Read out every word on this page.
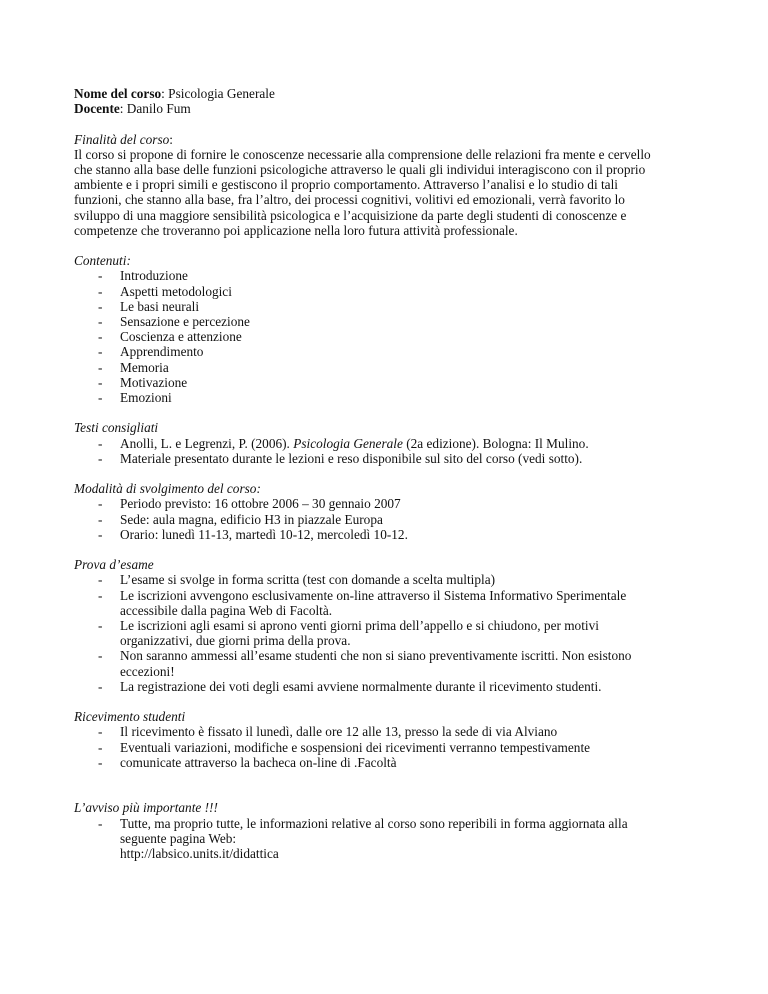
Nome del corso: Psicologia Generale
Docente: Danilo Fum
Finalità del corso:
Il corso si propone di fornire le conoscenze necessarie alla comprensione delle relazioni fra mente e cervello
che stanno alla base delle funzioni psicologiche attraverso le quali gli individui interagiscono con il proprio
ambiente e i propri simili e gestiscono il proprio comportamento. Attraverso l’analisi e lo studio di tali
funzioni, che stanno alla base, fra l’altro, dei processi cognitivi, volitivi ed emozionali, verrà favorito lo
sviluppo di una maggiore sensibilità psicologica e l’acquisizione da parte degli studenti di conoscenze e
competenze che troveranno poi applicazione nella loro futura attività professionale.
Contenuti:
- Introduzione
- Aspetti metodologici
- Le basi neurali
- Sensazione e percezione
- Coscienza e attenzione
- Apprendimento
- Memoria
- Motivazione
- Emozioni
Testi consigliati
- Anolli, L. e Legrenzi, P. (2006). Psicologia Generale (2a edizione). Bologna: Il Mulino.
- Materiale presentato durante le lezioni e reso disponibile sul sito del corso (vedi sotto).
Modalità di svolgimento del corso:
- Periodo previsto: 16 ottobre 2006 – 30 gennaio 2007
- Sede: aula magna, edificio H3 in piazzale Europa
- Orario: lunedì 11-13, martedì 10-12, mercoledì 10-12.
Prova d’esame
- L’esame si svolge in forma scritta (test con domande a scelta multipla)
- Le iscrizioni avvengono esclusivamente on-line attraverso il Sistema Informativo Sperimentale
accessibile dalla pagina Web di Facoltà.
- Le iscrizioni agli esami si aprono venti giorni prima dell’appello e si chiudono, per motivi
organizzativi, due giorni prima della prova.
- Non saranno ammessi all’esame studenti che non si siano preventivamente iscritti. Non esistono
eccezioni!
- La registrazione dei voti degli esami avviene normalmente durante il ricevimento studenti.
Ricevimento studenti
- Il ricevimento è fissato il lunedì, dalle ore 12 alle 13, presso la sede di via Alviano
- Eventuali variazioni, modifiche e sospensioni dei ricevimenti verranno tempestivamente
- comunicate attraverso la bacheca on-line di .Facoltà
L’avviso più importante !!!
- Tutte, ma proprio tutte, le informazioni relative al corso sono reperibili in forma aggiornata alla
seguente pagina Web:
http://labsico.units.it/didattica
